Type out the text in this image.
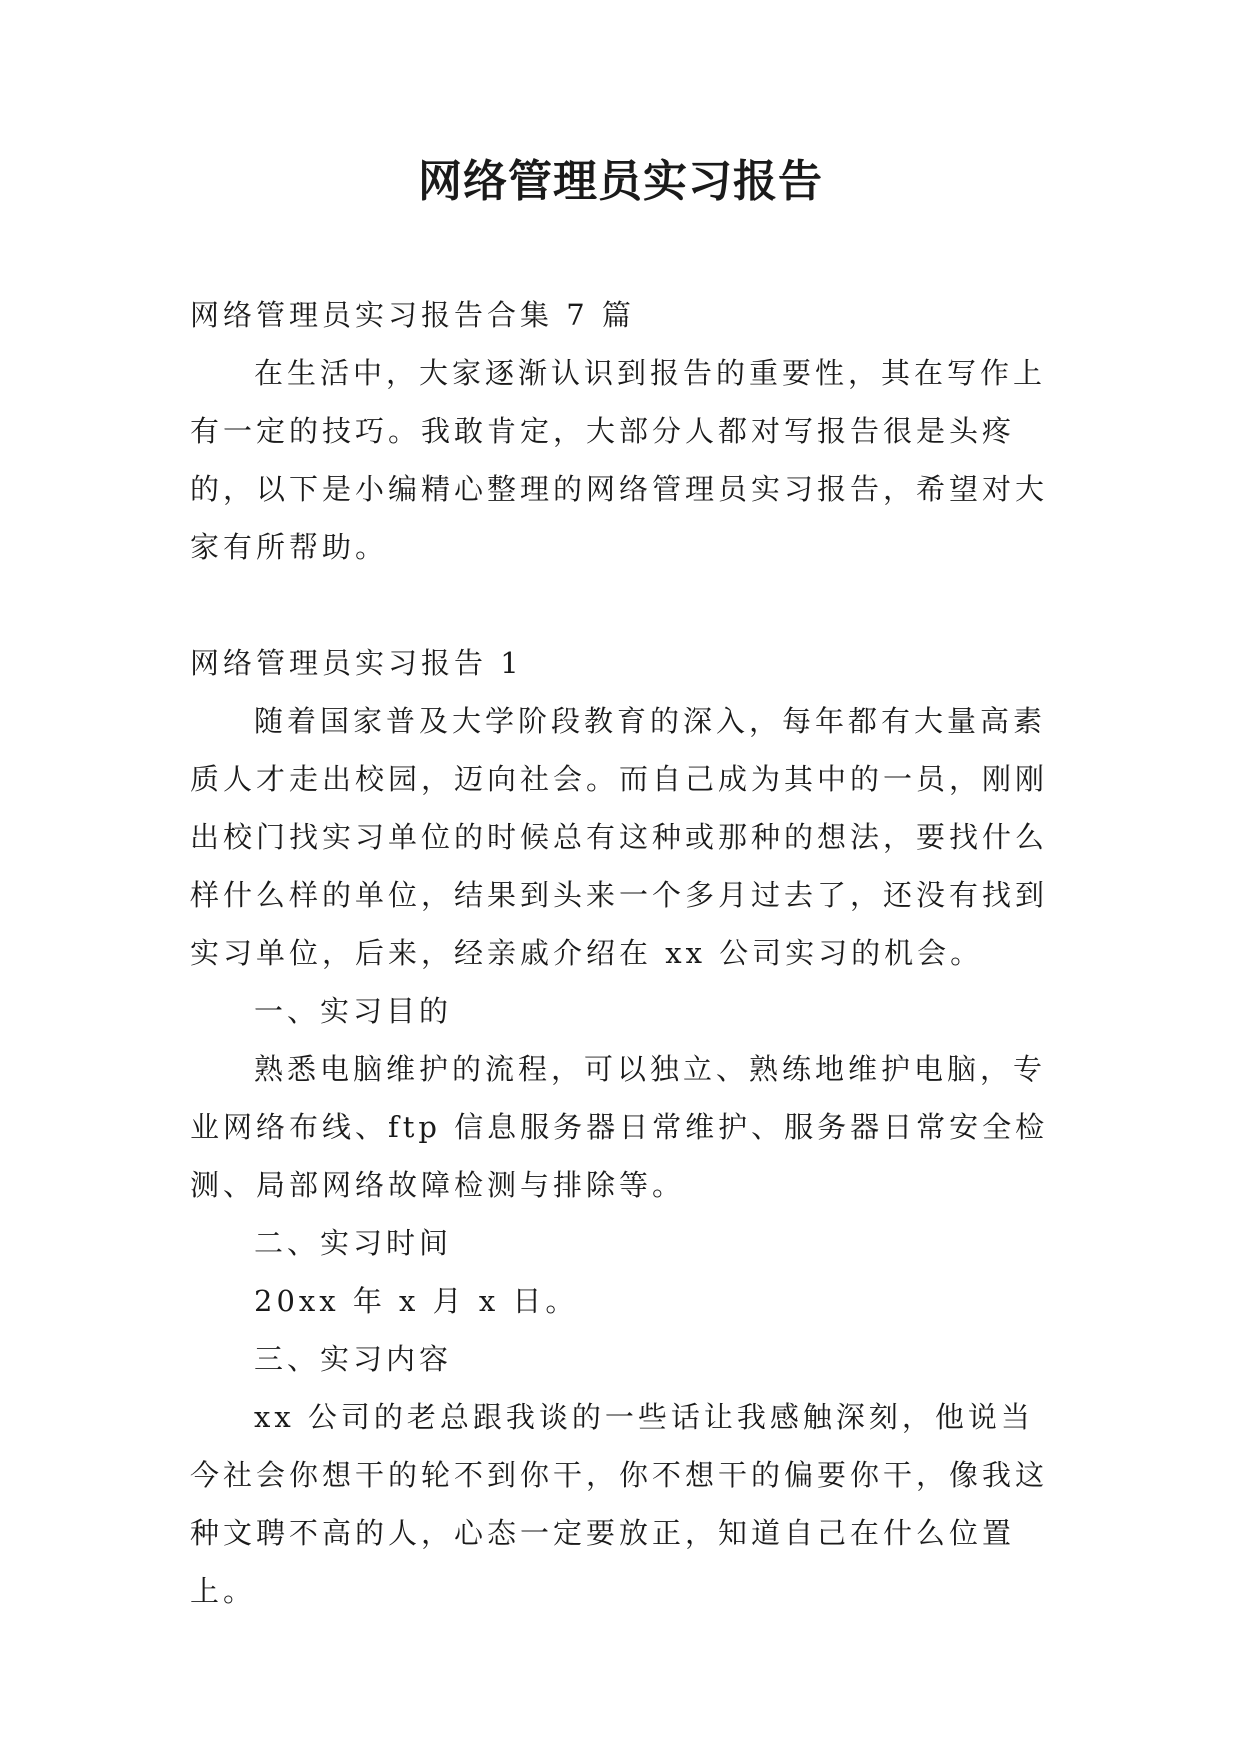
网络管理员实习报告

网络管理员实习报告合集 7 篇

在生活中，大家逐渐认识到报告的重要性，其在写作上有一定的技巧。我敢肯定，大部分人都对写报告很是头疼的，以下是小编精心整理的网络管理员实习报告，希望对大家有所帮助。

网络管理员实习报告 1

随着国家普及大学阶段教育的深入，每年都有大量高素质人才走出校园，迈向社会。而自己成为其中的一员，刚刚出校门找实习单位的时候总有这种或那种的想法，要找什么样什么样的单位，结果到头来一个多月过去了，还没有找到实习单位，后来，经亲戚介绍在 xx 公司实习的机会。

一、实习目的

熟悉电脑维护的流程，可以独立、熟练地维护电脑，专业网络布线、ftp 信息服务器日常维护、服务器日常安全检测、局部网络故障检测与排除等。

二、实习时间

20xx 年 x 月 x 日。

三、实习内容

xx 公司的老总跟我谈的一些话让我感触深刻，他说当今社会你想干的轮不到你干，你不想干的偏要你干，像我这种文聘不高的人，心态一定要放正，知道自己在什么位置上。
